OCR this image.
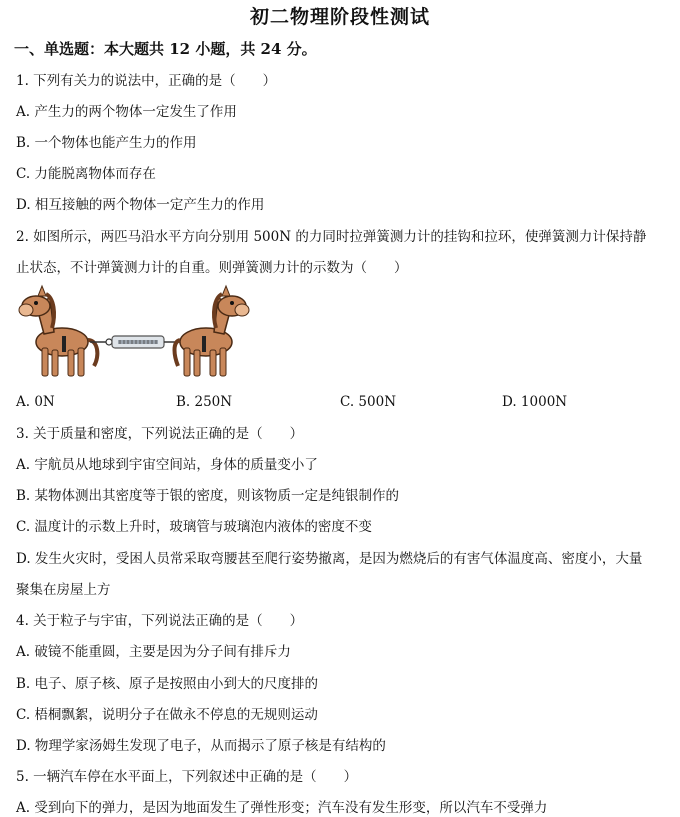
初二物理阶段性测试
一、单选题：本大题共 12 小题，共 24 分。
1. 下列有关力的说法中，正确的是（　　）
A. 产生力的两个物体一定发生了作用
B. 一个物体也能产生力的作用
C. 力能脱离物体而存在
D. 相互接触的两个物体一定产生力的作用
2. 如图所示，两匹马沿水平方向分别用 500N 的力同时拉弹簧测力计的挂钩和拉环，使弹簧测力计保持静
止状态，不计弹簧测力计的自重。则弹簧测力计的示数为（　　）
A. 0N	B. 250N	C. 500N	D. 1000N
3. 关于质量和密度，下列说法正确的是（　　）
A. 宇航员从地球到宇宙空间站，身体的质量变小了
B. 某物体测出其密度等于银的密度，则该物质一定是纯银制作的
C. 温度计的示数上升时，玻璃管与玻璃泡内液体的密度不变
D. 发生火灾时，受困人员常采取弯腰甚至爬行姿势撤离，是因为燃烧后的有害气体温度高、密度小，大量
聚集在房屋上方
4. 关于粒子与宇宙，下列说法正确的是（　　）
A. 破镜不能重圆，主要是因为分子间有排斥力
B. 电子、原子核、原子是按照由小到大的尺度排的
C. 梧桐飘絮，说明分子在做永不停息的无规则运动
D. 物理学家汤姆生发现了电子，从而揭示了原子核是有结构的
5. 一辆汽车停在水平面上，下列叙述中正确的是（　　）
A. 受到向下的弹力，是因为地面发生了弹性形变；汽车没有发生形变，所以汽车不受弹力
